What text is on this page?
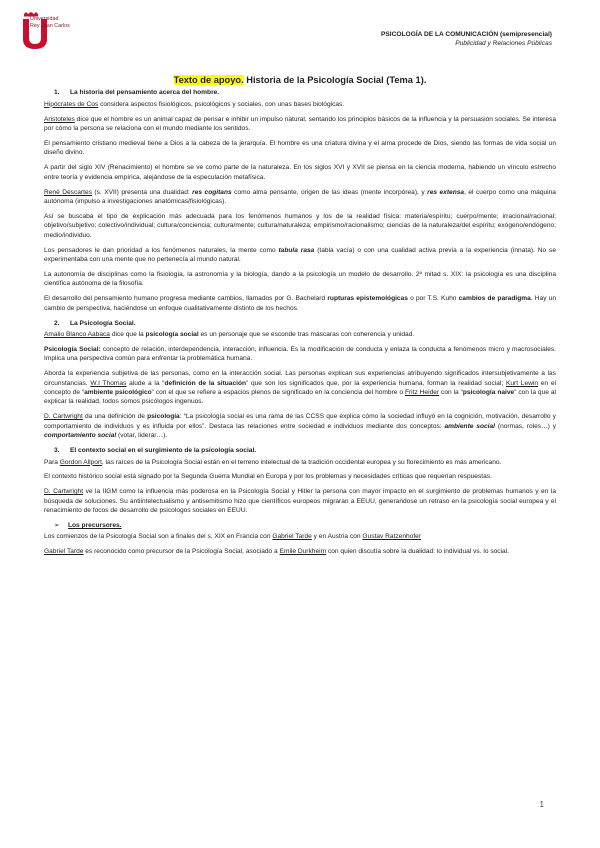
Universidad
Rey Juan Carlos
PSICOLOGÍA DE LA COMUNICACIÓN (semipresencial)
Publicidad y Relaciones Públicas
Texto de apoyo. Historia de la Psicología Social (Tema 1).
1. La historia del pensamiento acerca del hombre.

Hipócrates de Cos considera aspectos fisiológicos, psicológicos y sociales, con unas bases biológicas.

Aristoteles dice que el hombre es un animal capaz de pensar e inhibir un impulso natural, sentando los principios básicos de la influencia y la persuasión sociales. Se interesa por cómo la persona se relaciona con el mundo mediante los sentidos.

El pensamiento cristiano medieval tiene a Dios a la cabeza de la jerarquía. El hombre es una criatura divina y el alma procede de Dios, siendo las formas de vida social un diseño divino.

A partir del siglo XIV (Renacimiento) el hombre se ve como parte de la naturaleza. En los siglos XVI y XVII se piensa en la ciencia moderna, habiendo un vínculo estrecho entre teoría y evidencia empírica, alejándose de la especulación metafísica.

René Descartes (s. XVII) presenta una dualidad: res cogitans como alma pensante, origen de las ideas (mente incorpórea), y res extensa, el cuerpo como una máquina autónoma (impulso a investigaciones anatómicas/fisiológicas).

Así se buscaba el tipo de explicación más adecuada para los fenómenos humanos y los de la realidad física: materia/espíritu; cuerpo/mente; irracional/racional; objetivo/subjetivo; colectivo/individual; cultura/conciencia; cultura/mente; cultura/naturaleza; empirismo/racionalismo; ciencias de la naturaleza/del espíritu; exógeno/endógeno; medio/individuo.

Los pensadores le dan prioridad a los fenómenos naturales, la mente como tabula rasa (tabla vacía) o con una cualidad activa previa a la experiencia (innata). No se experimentaba con una mente que no pertenecía al mundo natural.

La autonomía de disciplinas como la fisiología, la astronomía y la biología, dando a la psicología un modelo de desarrollo. 2ª mitad s. XIX: la psicología es una disciplina científica autónoma de la filosofía.

El desarrollo del pensamiento humano progresa mediante cambios, llamados por G. Bachelard rupturas epistemológicas o por T.S. Kuhn cambios de paradigma. Hay un cambio de perspectiva, haciéndose un enfoque cualitativamente distinto de los hechos.

2. La Psicología Social.

Amalio Blanco Aabaca dice que la psicología social es un personaje que se esconde tras máscaras con coherencia y unidad.

Psicología Social: concepto de relación, interdependencia, interacción, influencia. Es la modificación de conducta y enlaza la conducta a fenómenos micro y macrosociales. Implica una perspectiva común para enfrentar la problemática humana.

Aborda la experiencia subjetiva de las personas, como en la interacción social. Las personas explican sus experiencias atribuyendo significados intersubjetivamente a las circunstancias. W.I Thomas alude a la “definición de la situación” que son los significados que, por la experiencia humana, forman la realidad social; Kurt Lewin en el concepto de “ambiente psicológico” con el que se refiere a espacios plenos de significado en la conciencia del hombre o Fritz Heider con la “psicología naive” con la que al explicar la realidad, todos somos psicólogos ingenuos.

D. Cartwright da una definición de psicología: “La psicología social es una rama de las CCSS que explica cómo la sociedad influyó en la cognición, motivación, desarrollo y comportamiento de individuos y es influida por ellos”. Destaca las relaciones entre sociedad e individuos mediante dos conceptos: ambiente social (normas, roles…) y comportamiento social (votar, liderar…).

3. El contexto social en el surgimiento de la psicología social.

Para Gordon Allport, las raíces de la Psicología Social están en el terreno intelectual de la tradición occidental europea y su florecimiento es más americano.

El contexto histórico social está signado por la Segunda Guerra Mundial en Europa y por los problemas y necesidades críticas que requerían respuestas.

D. Cartwright ve la IIGM como la influencia más poderosa en la Psicología Social y Hitler la persona con mayor impacto en el surgimiento de problemas humanos y en la búsqueda de soluciones. Su antiintelectualismo y antisemitismo hizo que científicos europeos migraran a EEUU, generandose un retraso en la psicología social europea y el renacimiento de focos de desarrollo de psicologos sociales en EEUU.

➢ Los precursores.

Los comienzos de la Psicología Social son a finales del s. XIX en Francia con Gabriel Tarde y en Austria con Gustav Ratzenhofer

Gabriel Tarde es reconocido como precursor de la Psicología Social, asociado a Emile Durkheim con quien discutía sobre la dualidad: lo individual vs. lo social.

1
